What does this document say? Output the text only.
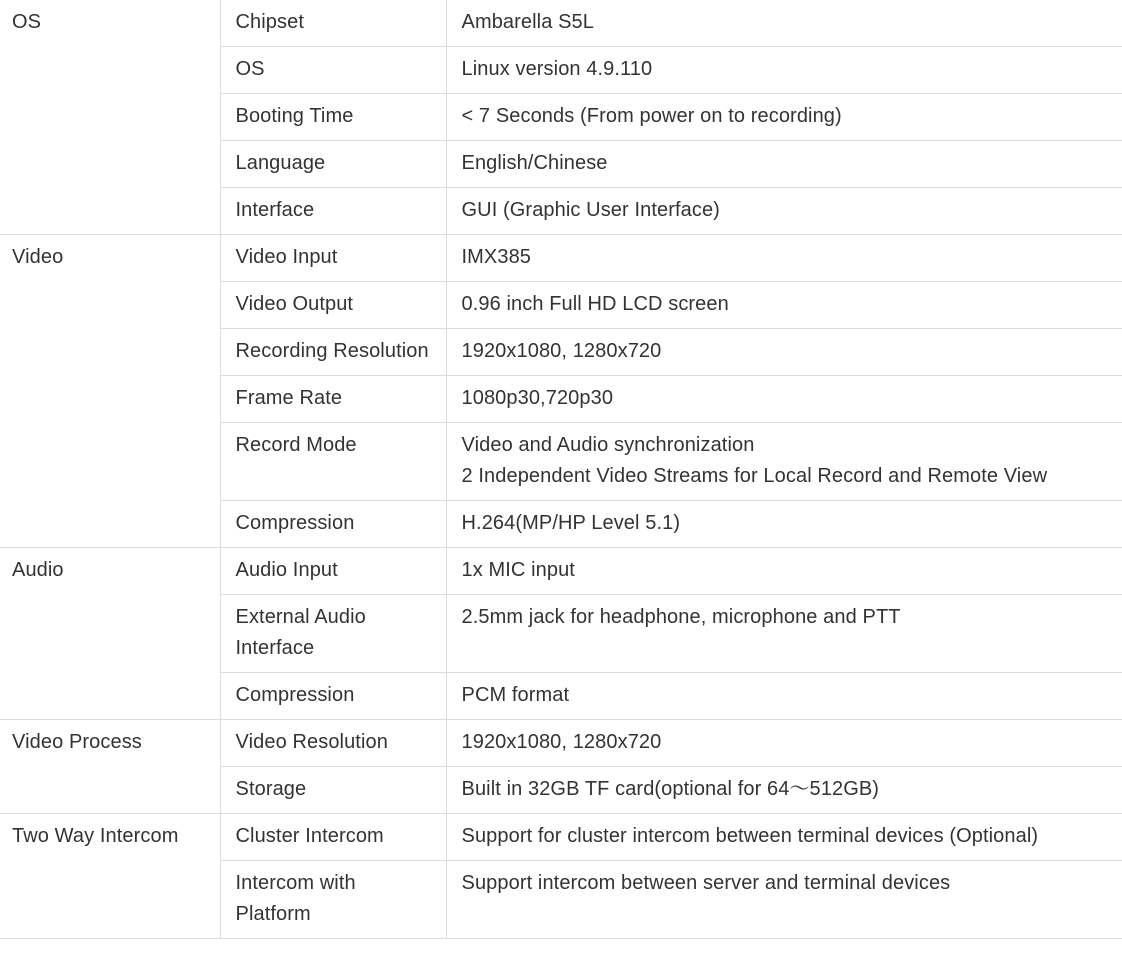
OS	Chipset	Ambarella S5L

	OS	Linux version 4.9.110

	Booting Time	< 7 Seconds (From power on to recording)

	Language	English/Chinese

	Interface	GUI (Graphic User Interface)

Video	Video Input	IMX385

	Video Output	0.96 inch Full HD LCD screen

	Recording Resolution	1920x1080, 1280x720

	Frame Rate	1080p30,720p30

	Record Mode	Video and Audio synchronization
2 Independent Video Streams for Local Record and Remote View

	Compression	H.264(MP/HP Level 5.1)

Audio	Audio Input	1x MIC input

	External Audio Interface	2.5mm jack for headphone, microphone and PTT

	Compression	PCM format

Video Process	Video Resolution	1920x1080, 1280x720

	Storage	Built in 32GB TF card(optional for 64～512GB)

Two Way Intercom	Cluster Intercom	Support for cluster intercom between terminal devices (Optional)

	Intercom with Platform	Support intercom between server and terminal devices
